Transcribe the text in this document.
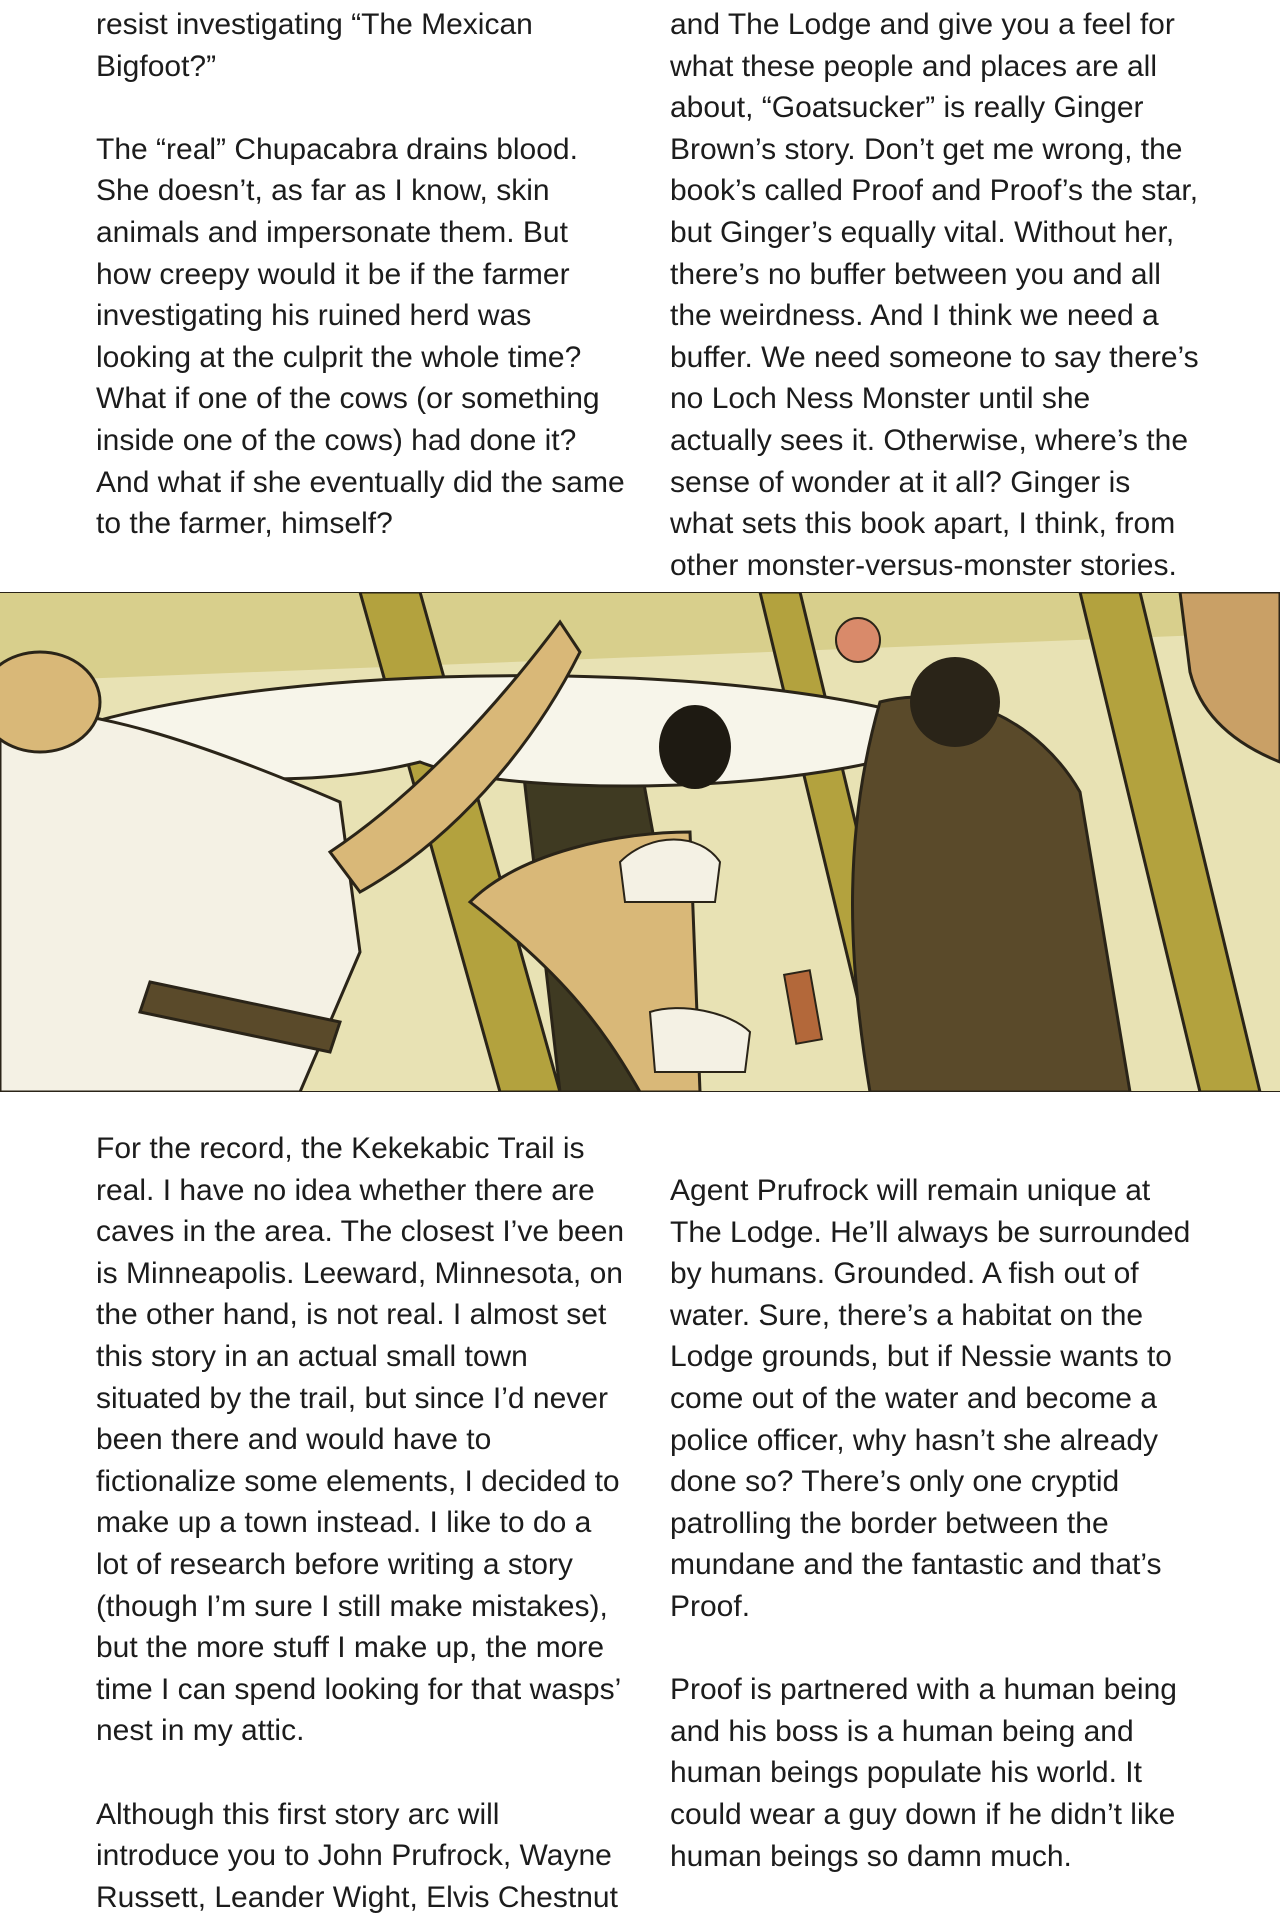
resist investigating “The Mexican
Bigfoot?”

The “real” Chupacabra drains blood.
She doesn’t, as far as I know, skin
animals and impersonate them. But
how creepy would it be if the farmer
investigating his ruined herd was
looking at the culprit the whole time?
What if one of the cows (or something
inside one of the cows) had done it?
And what if she eventually did the same
to the farmer, himself?

and The Lodge and give you a feel for
what these people and places are all
about, “Goatsucker” is really Ginger
Brown’s story. Don’t get me wrong, the
book’s called Proof and Proof’s the star,
but Ginger’s equally vital. Without her,
there’s no buffer between you and all
the weirdness. And I think we need a
buffer. We need someone to say there’s
no Loch Ness Monster until she
actually sees it. Otherwise, where’s the
sense of wonder at it all? Ginger is
what sets this book apart, I think, from
other monster-versus-monster stories.

For the record, the Kekekabic Trail is
real. I have no idea whether there are
caves in the area. The closest I’ve been
is Minneapolis. Leeward, Minnesota, on
the other hand, is not real. I almost set
this story in an actual small town
situated by the trail, but since I’d never
been there and would have to
fictionalize some elements, I decided to
make up a town instead. I like to do a
lot of research before writing a story
(though I’m sure I still make mistakes),
but the more stuff I make up, the more
time I can spend looking for that wasps’
nest in my attic.

Although this first story arc will
introduce you to John Prufrock, Wayne
Russett, Leander Wight, Elvis Chestnut

Agent Prufrock will remain unique at
The Lodge. He’ll always be surrounded
by humans. Grounded. A fish out of
water. Sure, there’s a habitat on the
Lodge grounds, but if Nessie wants to
come out of the water and become a
police officer, why hasn’t she already
done so? There’s only one cryptid
patrolling the border between the
mundane and the fantastic and that’s
Proof.

Proof is partnered with a human being
and his boss is a human being and
human beings populate his world. It
could wear a guy down if he didn’t like
human beings so damn much.
